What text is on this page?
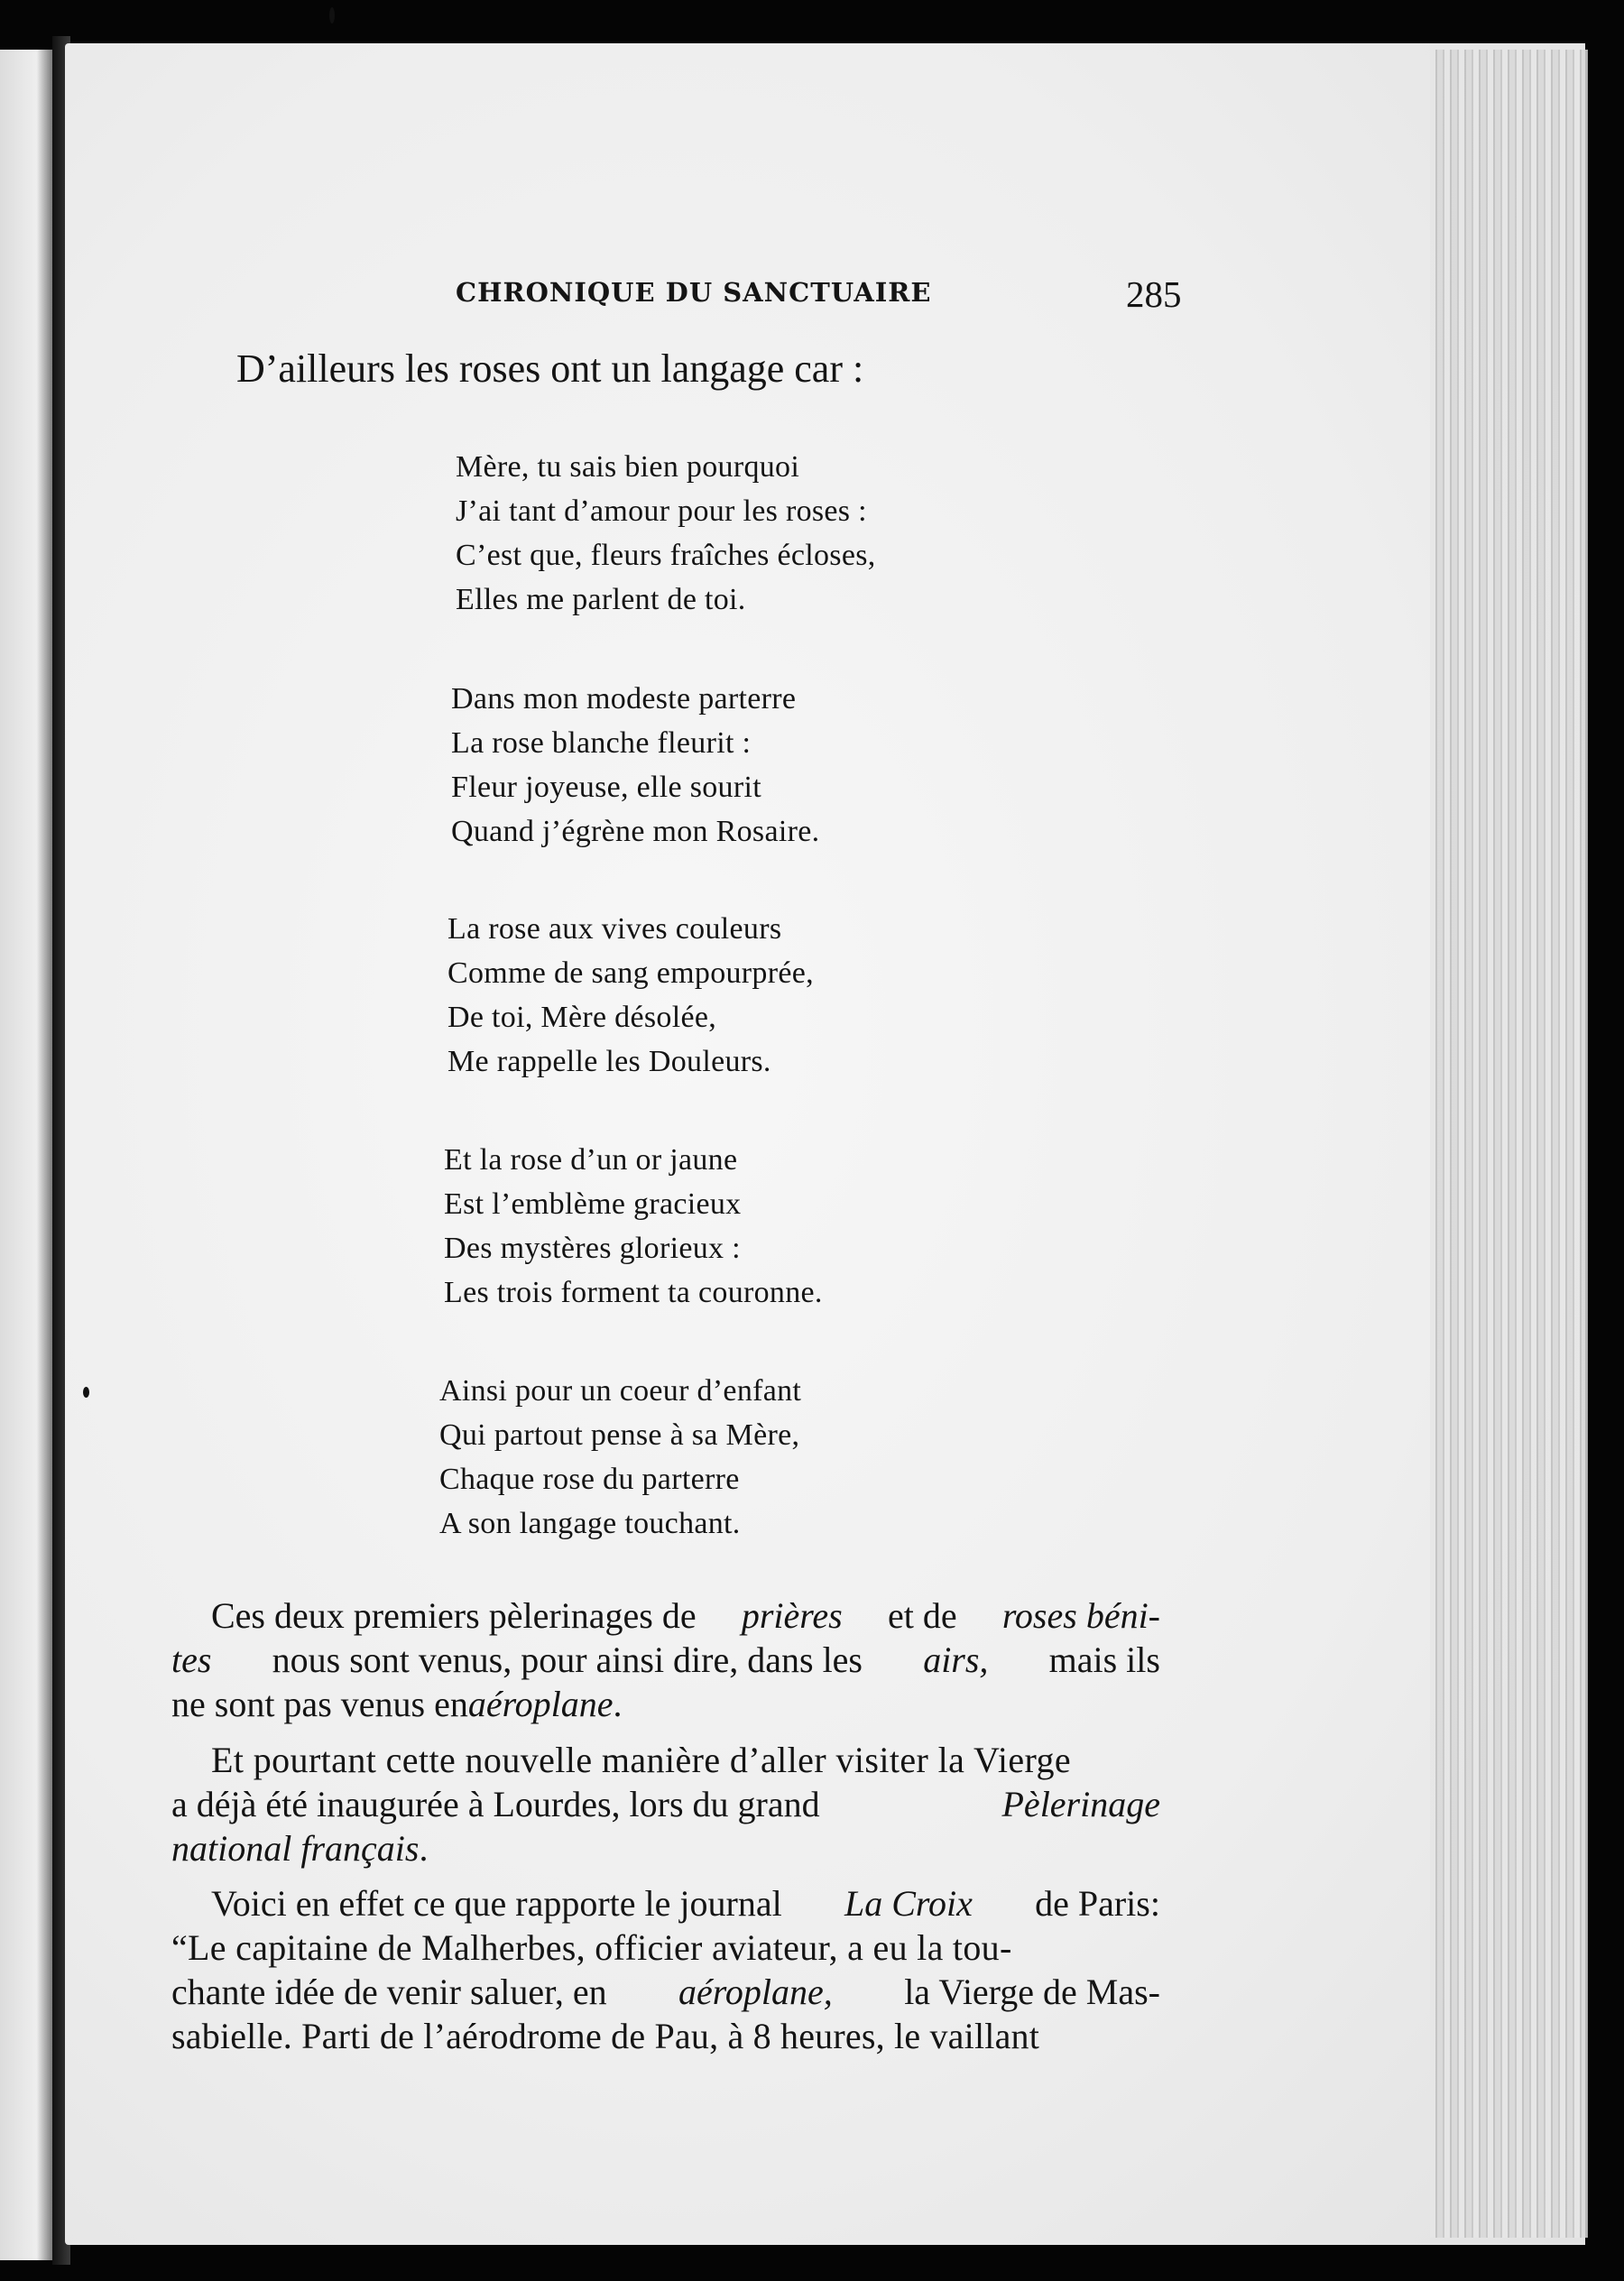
CHRONIQUE DU SANCTUAIRE	285
D’ailleurs les roses ont un langage car :
Mère, tu sais bien pourquoi
J’ai tant d’amour pour les roses :
C’est que, fleurs fraîches écloses,
Elles me parlent de toi.
Dans mon modeste parterre
La rose blanche fleurit :
Fleur joyeuse, elle sourit
Quand j’égrène mon Rosaire.
La rose aux vives couleurs
Comme de sang empourprée,
De toi, Mère désolée,
Me rappelle les Douleurs.
Et la rose d’un or jaune
Est l’emblème gracieux
Des mystères glorieux :
Les trois forment ta couronne.
Ainsi pour un coeur d’enfant
Qui partout pense à sa Mère,
Chaque rose du parterre
A son langage touchant.
Ces deux premiers pèlerinages de prières et de roses béni-
tes nous sont venus, pour ainsi dire, dans les airs, mais ils
ne sont pas venus en aéroplane.
Et pourtant cette nouvelle manière d’aller visiter la Vierge
a déjà été inaugurée à Lourdes, lors du grand	Pèlerinage
national français.
Voici en effet ce que rapporte le journal La Croix de Paris:
“Le capitaine de Malherbes, officier aviateur, a eu la tou-
chante idée de venir saluer, en aéroplane, la Vierge de Mas-
sabielle. Parti de l’aérodrome de Pau, à 8 heures, le vaillant
